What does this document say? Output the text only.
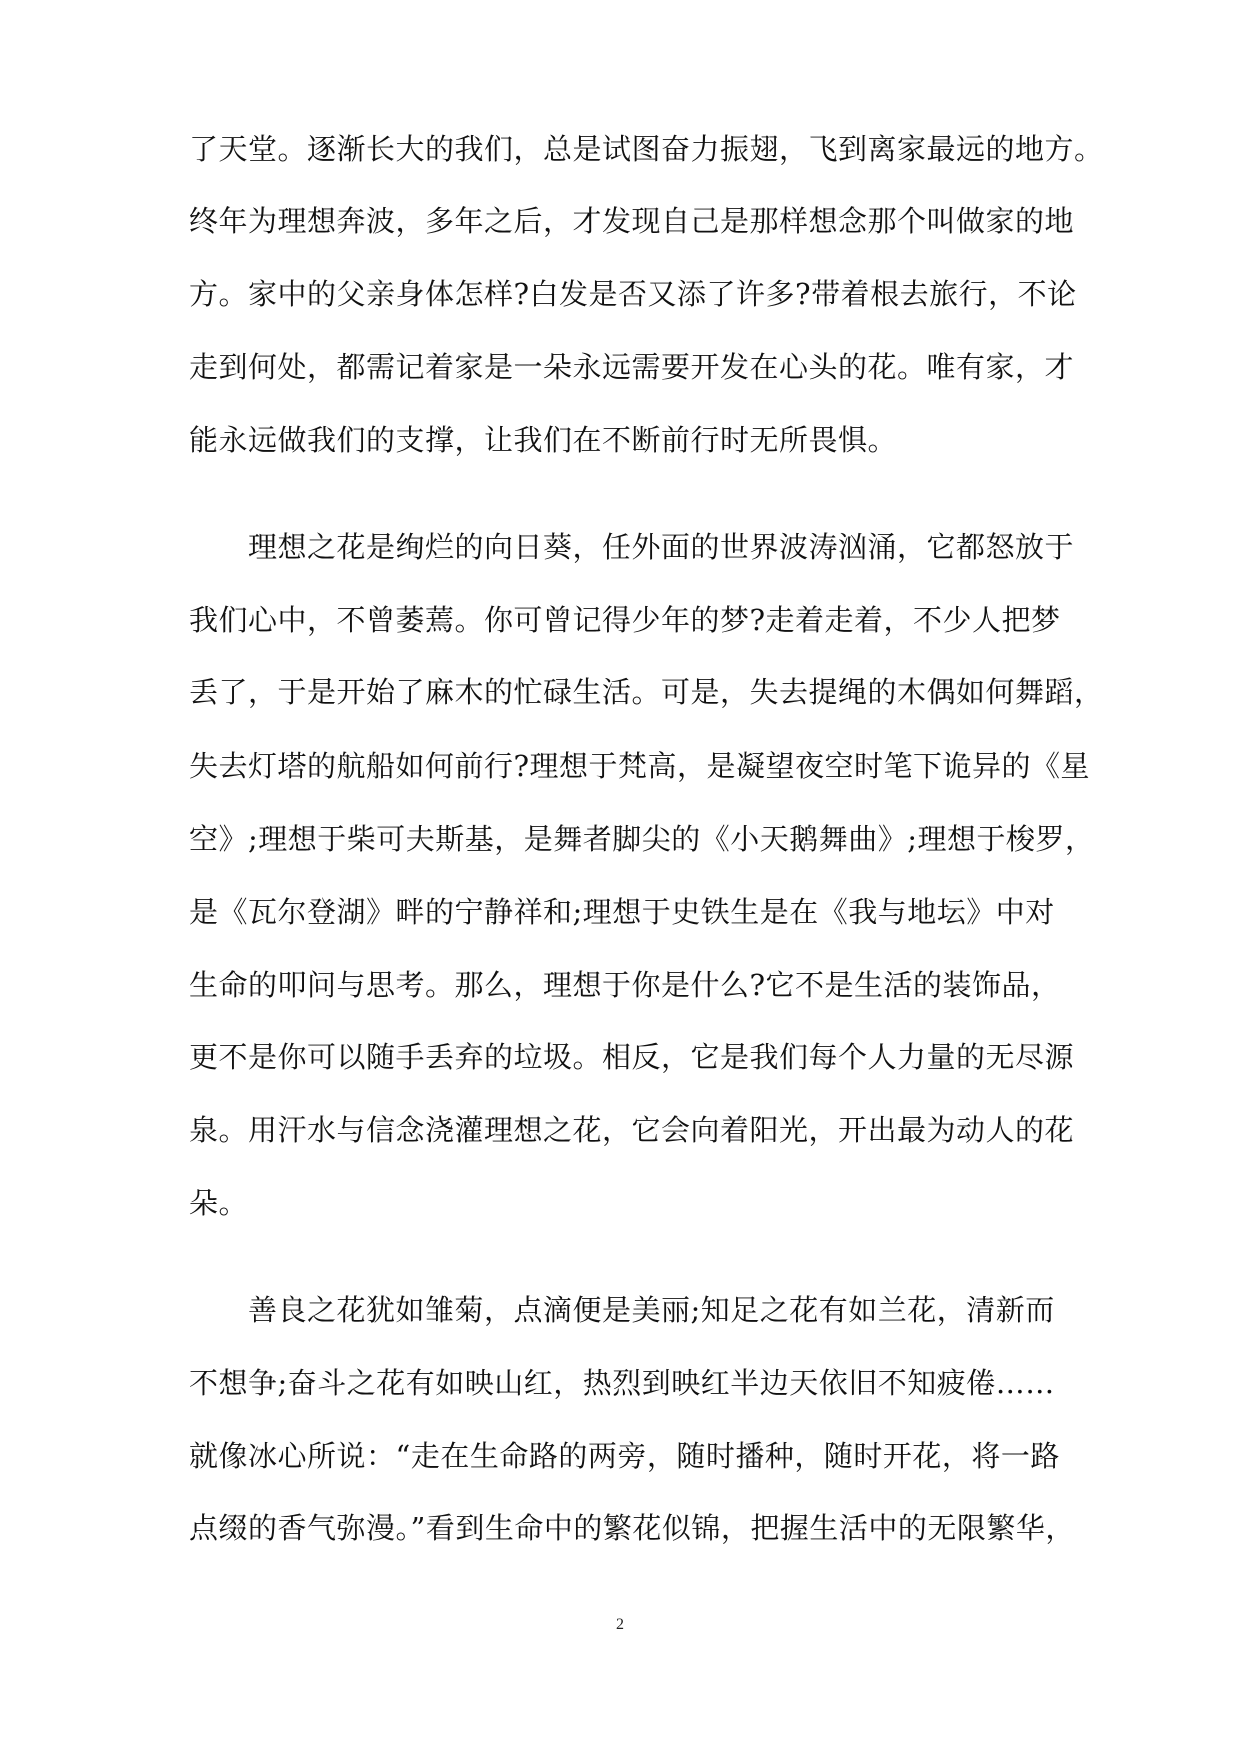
了天堂。逐渐长大的我们，总是试图奋力振翅，飞到离家最远的地方。
终年为理想奔波，多年之后，才发现自己是那样想念那个叫做家的地
方。家中的父亲身体怎样?白发是否又添了许多?带着根去旅行，不论
走到何处，都需记着家是一朵永远需要开发在心头的花。唯有家，才
能永远做我们的支撑，让我们在不断前行时无所畏惧。
　　理想之花是绚烂的向日葵，任外面的世界波涛汹涌，它都怒放于
我们心中，不曾萎蔫。你可曾记得少年的梦?走着走着，不少人把梦
丢了，于是开始了麻木的忙碌生活。可是，失去提绳的木偶如何舞蹈，
失去灯塔的航船如何前行?理想于梵高，是凝望夜空时笔下诡异的《星
空》;理想于柴可夫斯基，是舞者脚尖的《小天鹅舞曲》;理想于梭罗，
是《瓦尔登湖》畔的宁静祥和;理想于史铁生是在《我与地坛》中对
生命的叩问与思考。那么，理想于你是什么?它不是生活的装饰品，
更不是你可以随手丢弃的垃圾。相反，它是我们每个人力量的无尽源
泉。用汗水与信念浇灌理想之花，它会向着阳光，开出最为动人的花
朵。
　　善良之花犹如雏菊，点滴便是美丽;知足之花有如兰花，清新而
不想争;奋斗之花有如映山红，热烈到映红半边天依旧不知疲倦……
就像冰心所说：“走在生命路的两旁，随时播种，随时开花，将一路
点缀的香气弥漫。”看到生命中的繁花似锦，把握生活中的无限繁华，
2
